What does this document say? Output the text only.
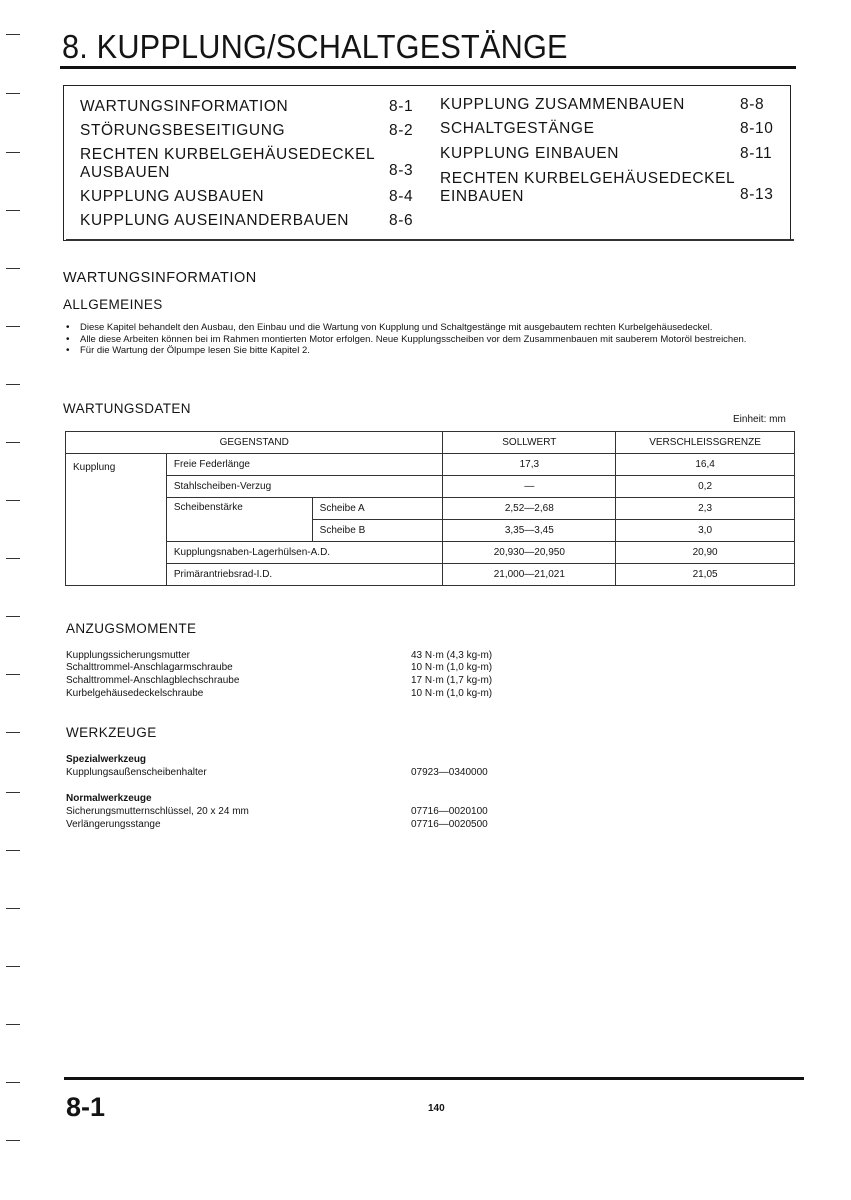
8. KUPPLUNG/SCHALTGESTÄNGE
WARTUNGSINFORMATION	8-1
STÖRUNGSBESEITIGUNG	8-2
RECHTEN KURBELGEHÄUSEDECKEL
AUSBAUEN	8-3
KUPPLUNG AUSBAUEN	8-4
KUPPLUNG AUSEINANDERBAUEN	8-6
KUPPLUNG ZUSAMMENBAUEN	8-8
SCHALTGESTÄNGE	8-10
KUPPLUNG EINBAUEN	8-11
RECHTEN KURBELGEHÄUSEDECKEL
EINBAUEN	8-13
WARTUNGSINFORMATION
ALLGEMEINES
• Diese Kapitel behandelt den Ausbau, den Einbau und die Wartung von Kupplung und Schaltgestänge mit ausgebautem rechten Kurbelgehäusedeckel.
• Alle diese Arbeiten können bei im Rahmen montierten Motor erfolgen. Neue Kupplungsscheiben vor dem Zusammenbauen mit sauberem Motoröl bestreichen.
• Für die Wartung der Ölpumpe lesen Sie bitte Kapitel 2.
WARTUNGSDATEN
Einheit: mm
GEGENSTAND			SOLLWERT	VERSCHLEISSGRENZE
Kupplung	Freie Federlänge		17,3	16,4
	Stahlscheiben-Verzug		—	0,2
	Scheibenstärke	Scheibe A	2,52—2,68	2,3
		Scheibe B	3,35—3,45	3,0
	Kupplungsnaben-Lagerhülsen-A.D.		20,930—20,950	20,90
	Primärantriebsrad-I.D.		21,000—21,021	21,05
ANZUGSMOMENTE
Kupplungssicherungsmutter	43 N·m (4,3 kg-m)
Schalttrommel-Anschlagarmschraube	10 N·m (1,0 kg-m)
Schalttrommel-Anschlagblechschraube	17 N·m (1,7 kg-m)
Kurbelgehäusedeckelschraube	10 N·m (1,0 kg-m)
WERKZEUGE
Spezialwerkzeug
Kupplungsaußenscheibenhalter	07923—0340000
Normalwerkzeuge
Sicherungsmutternschlüssel, 20 x 24 mm	07716—0020100
Verlängerungsstange	07716—0020500
8-1	140
